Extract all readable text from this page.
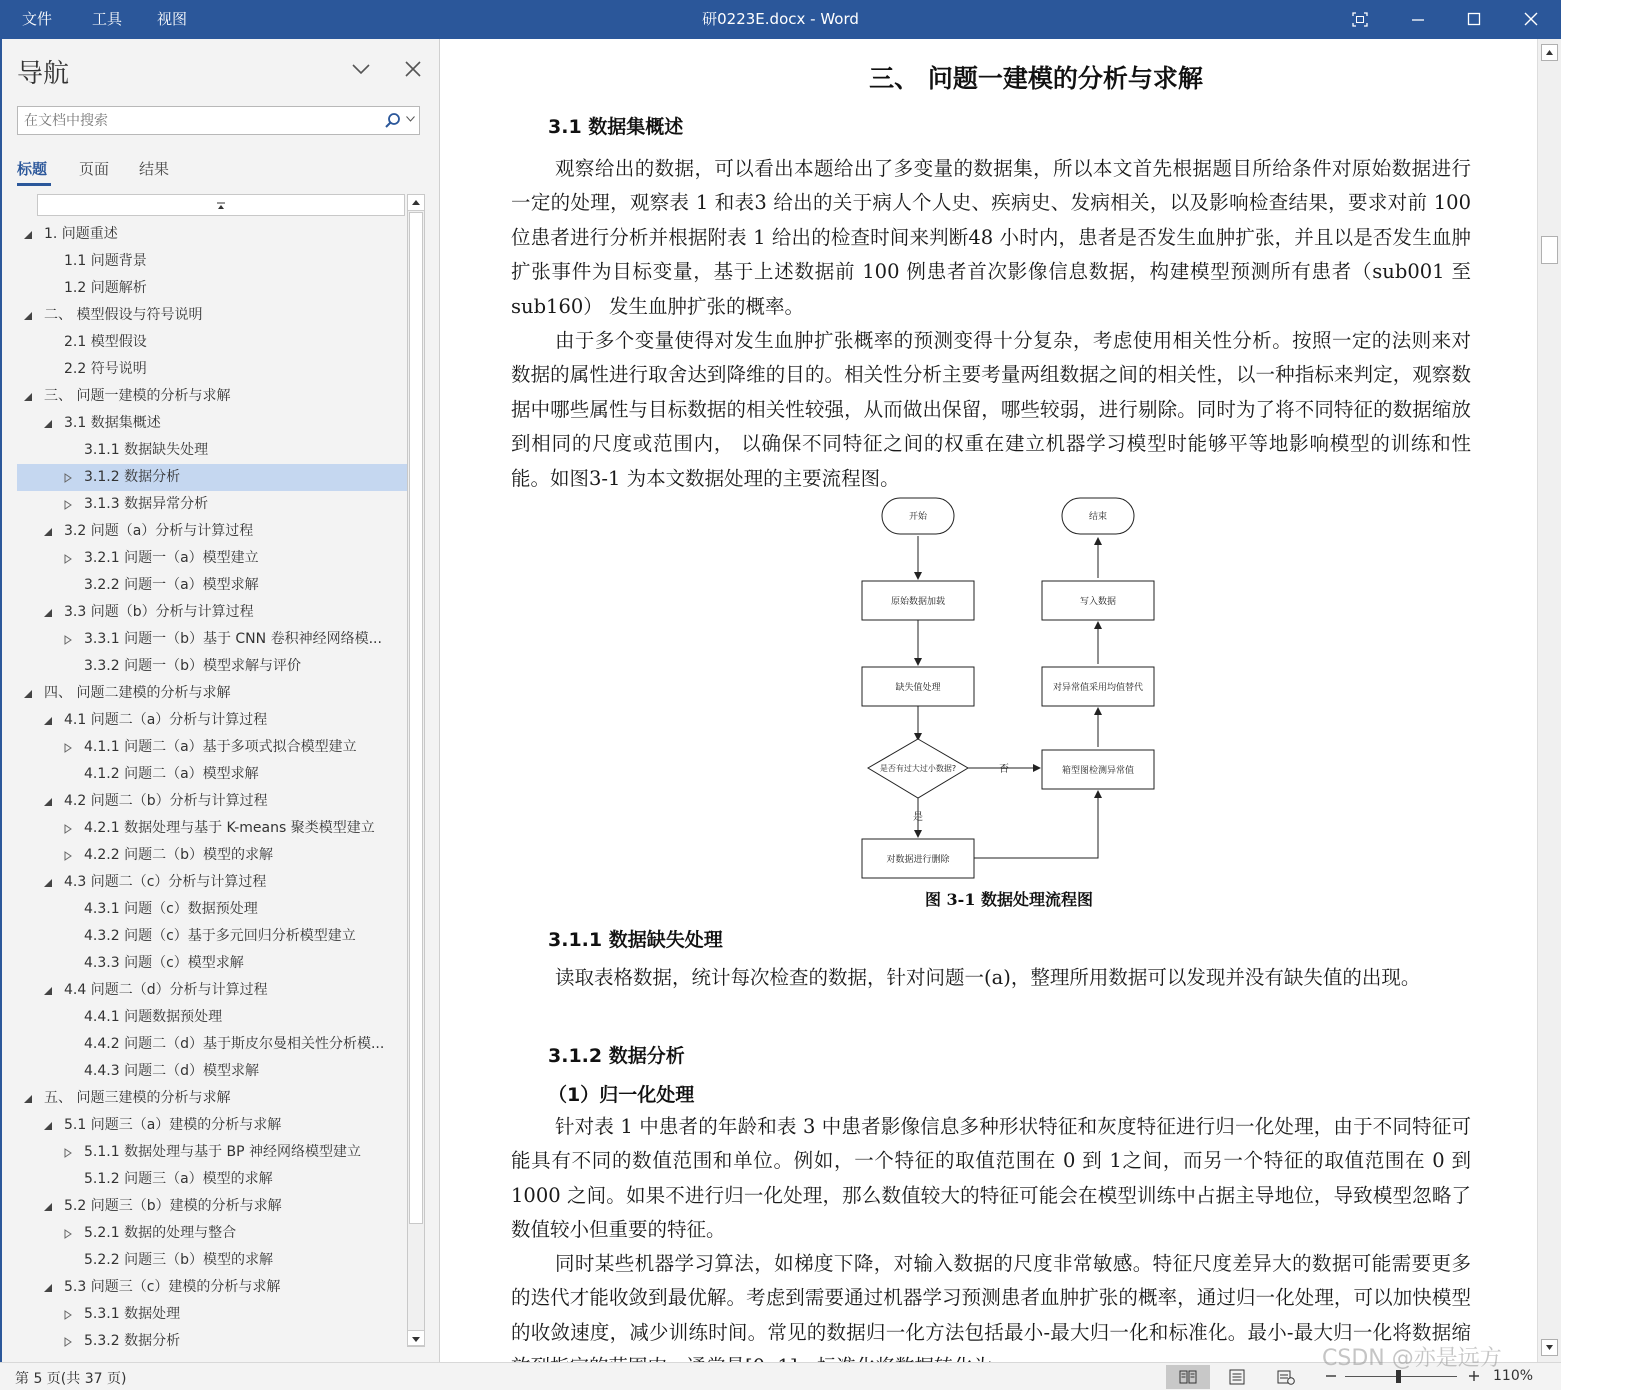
文件	工具 视图	研0223E.docx - Word
导航
在文档中搜索
标题 页面 结果
1. 问题重述
1.1 问题背景
1.2 问题解析
二、 模型假设与符号说明
2.1 模型假设
2.2 符号说明
三、 问题一建模的分析与求解
3.1 数据集概述
3.1.1 数据缺失处理
3.1.2 数据分析
3.1.3 数据异常分析
3.2 问题（a）分析与计算过程
3.2.1 问题一（a）模型建立
3.2.2 问题一（a）模型求解
3.3 问题（b）分析与计算过程
3.3.1 问题一（b）基于 CNN 卷积神经网络模...
3.3.2 问题一（b）模型求解与评价
四、 问题二建模的分析与求解
4.1 问题二（a）分析与计算过程
4.1.1 问题二（a）基于多项式拟合模型建立
4.1.2 问题二（a）模型求解
4.2 问题二（b）分析与计算过程
4.2.1 数据处理与基于 K-means 聚类模型建立
4.2.2 问题二（b）模型的求解
4.3 问题二（c）分析与计算过程
4.3.1 问题（c）数据预处理
4.3.2 问题（c）基于多元回归分析模型建立
4.3.3 问题（c）模型求解
4.4 问题二（d）分析与计算过程
4.4.1 问题数据预处理
4.4.2 问题二（d）基于斯皮尔曼相关性分析模...
4.4.3 问题二（d）模型求解
五、 问题三建模的分析与求解
5.1 问题三（a）建模的分析与求解
5.1.1 数据处理与基于 BP 神经网络模型建立
5.1.2 问题三（a）模型的求解
5.2 问题三（b）建模的分析与求解
5.2.1 数据的处理与整合
5.2.2 问题三（b）模型的求解
5.3 问题三（c）建模的分析与求解
5.3.1 数据处理
5.3.2 数据分析
三、 问题一建模的分析与求解
3.1 数据集概述
观察给出的数据，可以看出本题给出了多变量的数据集，所以本文首先根据题目所给条件对原始数据进行一定的处理，观察表 1 和表3 给出的关于病人个人史、疾病史、发病相关，以及影响检查结果，要求对前 100 位患者进行分析并根据附表 1 给出的检查时间来判断48 小时内，患者是否发生血肿扩张，并且以是否发生血肿扩张事件为目标变量，基于上述数据前 100 例患者首次影像信息数据，构建模型预测所有患者（sub001 至sub160） 发生血肿扩张的概率。
由于多个变量使得对发生血肿扩张概率的预测变得十分复杂，考虑使用相关性分析。按照一定的法则来对数据的属性进行取舍达到降维的目的。相关性分析主要考量两组数据之间的相关性，以一种指标来判定，观察数据中哪些属性与目标数据的相关性较强，从而做出保留，哪些较弱，进行剔除。同时为了将不同特征的数据缩放到相同的尺度或范围内， 以确保不同特征之间的权重在建立机器学习模型时能够平等地影响模型的训练和性能。如图3-1 为本文数据处理的主要流程图。
开始	结束
原始数据加载	写入数据
缺失值处理	对异常值采用均值替代
是否有过大过小数据?	箱型图检测异常值
对数据进行删除
否
是
图 3-1 数据处理流程图
3.1.1 数据缺失处理
读取表格数据，统计每次检查的数据，针对问题一(a)，整理所用数据可以发现并没有缺失值的出现。
3.1.2 数据分析
（1）归一化处理
针对表 1 中患者的年龄和表 3 中患者影像信息多种形状特征和灰度特征进行归一化处理，由于不同特征可能具有不同的数值范围和单位。例如，一个特征的取值范围在 0 到 1之间，而另一个特征的取值范围在 0 到 1000 之间。如果不进行归一化处理，那么数值较大的特征可能会在模型训练中占据主导地位，导致模型忽略了数值较小但重要的特征。
同时某些机器学习算法，如梯度下降，对输入数据的尺度非常敏感。特征尺度差异大的数据可能需要更多的迭代才能收敛到最优解。考虑到需要通过机器学习预测患者血肿扩张的概率，通过归一化处理，可以加快模型的收敛速度，减少训练时间。常见的数据归一化方法包括最小-最大归一化和标准化。最小-最大归一化将数据缩
第 5 页(共 37 页)	110%
CSDN @亦是远方
